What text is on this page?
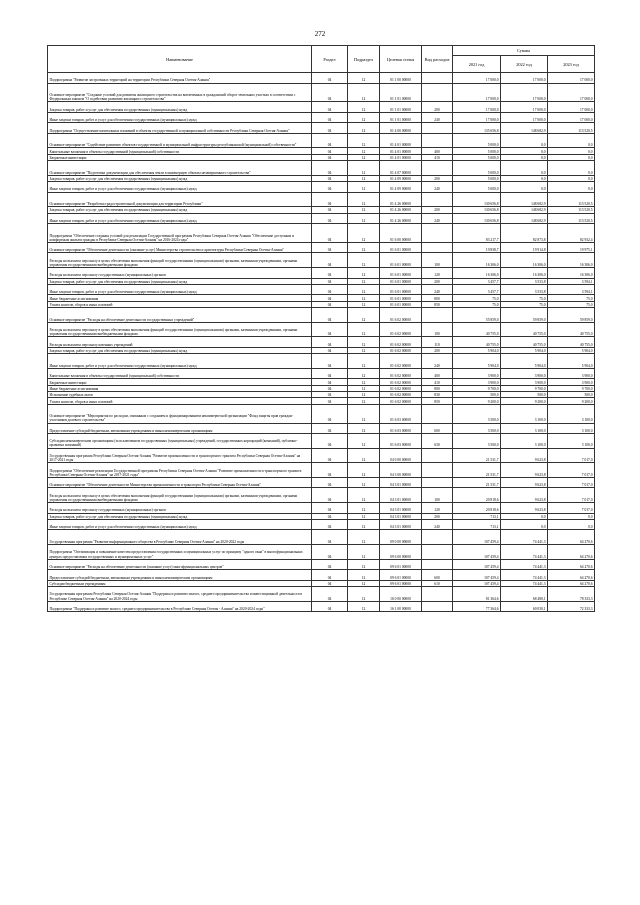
272
Наименование	Раздел	Подраздел	Целевая статья	Вид расходов	Суммы		
					2021 год	2022 год	2023 год
Подпрограмма "Развитие застроенных территорий на территории Республики Северная Осетия-Алания"	04	12	01 1 00 00000		17 000,0	17 000,0	17 000,0
Основное мероприятие "Создание условий для развития жилищного строительства на вовлеченных в гражданский оборот земельных участках в соответствии с Федеральным законом "О содействии развитию жилищного строительства"	04	12	01 1 01 00000		17 000,0	17 000,0	17 000,0
Закупка товаров, работ и услуг для обеспечения государственных (муниципальных) нужд	04	12	01 1 01 00000	200	17 000,0	17 000,0	17 000,0
Иные закупки товаров, работ и услуг для обеспечения государственных (муниципальных) нужд	04	12	01 1 01 00000	240	17 000,0	17 000,0	17 000,0
Подпрограмма "Осуществление капитальных вложений в объекты государственной и муниципальной собственности Республики Северная Осетия-Алания"	04	12	01 4 00 00000		135 656,8	148 682,9	113 520,5
Основное мероприятие "Содействие развитию объектов государственной и муниципальной инфраструктуры республиканской (муниципальной) собственности"	04	12	01 4 01 00000		5 000,0	0,0	0,0
Капитальные вложения в объекты государственной (муниципальной) собственности	04	12	01 4 01 00000	400	5 000,0	0,0	0,0
Бюджетные инвестиции	04	12	01 4 01 00000	410	5 000,0	0,0	0,0
Основное мероприятие "Подготовка документации для обеспечения земли в инженерную объекты незавершенного строительства"	04	12	01 4 07 00000		5 000,0	0,0	0,0
Закупка товаров, работ и услуг для обеспечения государственных (муниципальных) нужд	04	12	01 4 09 00000	200	5 000,0	0,0	0,0
Иные закупки товаров, работ и услуг для обеспечения государственных (муниципальных) нужд	04	12	01 4 09 00000	240	5 000,0	0,0	0,0
Основное мероприятие "Разработка градостроительной документации для территории Республики"	04	12	01 4 26 00000		130 656,8	148 682,9	113 520,5
Закупка товаров, работ и услуг для обеспечения государственных (муниципальных) нужд	04	12	01 4 26 00000	200	130 656,8	148 682,9	113 520,5
Иные закупки товаров, работ и услуг для обеспечения государственных (муниципальных) нужд	04	12	01 4 26 00000	240	130 656,8	148 682,9	113 520,5
Подпрограмма "Обеспечение создания условий для реализации Государственной программы Республики Северная Осетия-Алания "Обеспечение доступным и комфортным жильем граждан в Республике Северная Осетия-Алания" на 2016-2024 годы"	04	12	01 6 00 00000		83 217,7	82 873,8	82 932,4
Основное мероприятие "Обеспечение деятельности (оказание услуг) Министерства строительства и архитектуры Республики Северная Осетия-Алания"	04	12	01 6 01 00000		19 838,7	19 914,8	19 975,1
Расходы на выплаты персоналу в целях обеспечения выполнения функций государственными (муниципальными) органами, казенными учреждениями, органами управления государственными внебюджетными фондами	04	12	01 6 01 00000	100	16 306,0	16 306,0	16 306,0
Расходы на выплаты персоналу государственных (муниципальных) органов	04	12	01 6 01 00000	120	16 306,0	16 306,0	16 306,0
Закупка товаров, работ и услуг для обеспечения государственных (муниципальных) нужд	04	12	01 6 01 00000	200	3 457,7	3 533,8	3 594,1
Иные закупки товаров, работ и услуг для обеспечения государственных (муниципальных) нужд	04	12	01 6 01 00000	240	3 457,7	3 533,8	3 594,1
Иные бюджетные ассигнования	04	12	01 6 01 00000	800	75,0	75,0	75,0
Уплата налогов, сборов и иных платежей	04	12	01 6 01 00000	850	75,0	75,0	75,0
Основное мероприятие "Расходы на обеспечение деятельности государственных учреждений"	04	12	01 6 02 00000		55 859,0	59 859,0	59 859,0
Расходы на выплаты персоналу в целях обеспечения выполнения функций государственными (муниципальными) органами, казенными учреждениями, органами управления государственными внебюджетными фондами	04	12	01 6 02 00000	100	40 755,0	40 755,0	40 755,0
Расходы на выплаты персоналу казенных учреждений	04	12	01 6 02 00000	110	40 755,0	40 755,0	40 755,0
Закупка товаров, работ и услуг для обеспечения государственных (муниципальных) нужд	04	12	01 6 02 00000	200	5 904,0	5 904,0	5 904,0
Иные закупки товаров, работ и услуг для обеспечения государственных (муниципальных) нужд	04	12	01 6 02 00000	240	5 904,0	5 904,0	5 904,0
Капитальные вложения в объекты государственной (муниципальной) собственности	04	12	01 6 02 00000	400	3 900,0	3 900,0	3 900,0
Бюджетные инвестиции	04	12	01 6 02 00000	410	3 900,0	3 900,0	3 900,0
Иные бюджетные ассигнования	04	12	01 6 02 00000	800	9 700,0	9 700,0	9 700,0
Исполнение судебных актов	04	12	01 6 02 00000	830	500,0	500,0	500,0
Уплата налогов, сборов и иных платежей	04	12	01 6 02 00000	850	9 200,0	9 200,0	9 200,0
Основное мероприятие "Мероприятия по расходам, связанным с созданием и функционированием некоммерческой организации "Фонд защиты прав граждан-участников долевого строительства"	04	12	01 6 03 00000		3 500,0	3 100,0	3 100,0
Предоставление субсидий бюджетным, автономным учреждениям и иным некоммерческим организациям	04	12	01 6 03 00000	600	3 500,0	3 100,0	3 100,0
Субсидии некоммерческим организациям (за исключением государственных (муниципальных) учреждений, государственных корпораций (компаний), публично-правовых компаний)	04	12	01 6 03 00000	630	3 500,0	3 100,0	3 100,0
Государственная программа Республики Северная Осетия-Алания "Развитие промышленности и транспортного транзита Республики Северная Осетия-Алания" на 2017-2021 годы	04	12	04 0 00 00000		21 531,7	9 623,8	7 017,0
Подпрограмма "Обеспечение реализации Государственной программы Республики Северная Осетия-Алания "Развитие промышленности и транспортного транзита Республики Северная Осетия-Алания" на 2017-2021 годы"	04	12	04 3 00 00000		21 531,7	9 623,8	7 017,0
Основное мероприятие "Обеспечение деятельности Министерства промышленности и транспорта Республики Северная Осетия-Алания"	04	12	04 3 01 00000		21 531,7	9 623,8	7 017,0
Расходы на выплаты персоналу в целях обеспечения выполнения функций государственными (муниципальными) органами, казенными учреждениями, органами управления государственными внебюджетными фондами	04	12	04 3 01 00000	100	20 818,6	9 623,8	7 017,0
Расходы на выплаты персоналу государственных (муниципальных) органов	04	12	04 3 01 00000	120	20 818,6	9 623,8	7 017,0
Закупка товаров, работ и услуг для обеспечения государственных (муниципальных) нужд	04	12	04 3 01 00000	200	713,1	0,0	0,0
Иные закупки товаров, работ и услуг для обеспечения государственных (муниципальных) нужд	04	12	04 3 01 00000	240	713,1	0,0	0,0
Государственная программа "Развитие информационного общества в Республике Северная Осетия-Алания" на 2020-2022 годы	04	12	09 0 00 00000		107 459,4	74 441,3	64 270,6
Подпрограмма "Оптимизация и повышение качества предоставления государственных и муниципальных услуг по принципу "одного окна" в многофункциональных центрах предоставления государственных и муниципальных услуг"	04	12	09 6 00 00000		107 459,4	74 441,3	64 270,6
Основное мероприятие "Расходы на обеспечение деятельности (оказание услуг) многофункциональных центров"	04	12	09 6 01 00000		107 459,4	74 441,3	64 270,6
Предоставление субсидий бюджетным, автономным учреждениям и иным некоммерческим организациям	04	12	09 6 01 00000	600	107 459,4	74 441,3	64 270,6
Субсидии бюджетным учреждениям	04	12	09 6 01 00000	610	107 459,4	74 441,3	64 270,6
Государственная программа Республики Северная Осетия-Алания "Поддержка и развитие малого, среднего предпринимательства и инвестиционной деятельности в Республике Северная Осетия-Алания" на 2020-2024 годы	04	12	16 0 00 00000		81 364,6	68 480,1	78 333,3
Подпрограмма "Поддержка и развитие малого, среднего предпринимательства в Республике Северная Осетия - Алания" на 2020-2024 годы"	04	12	16 1 00 00000		77 364,6	60 030,1	72 333,3
